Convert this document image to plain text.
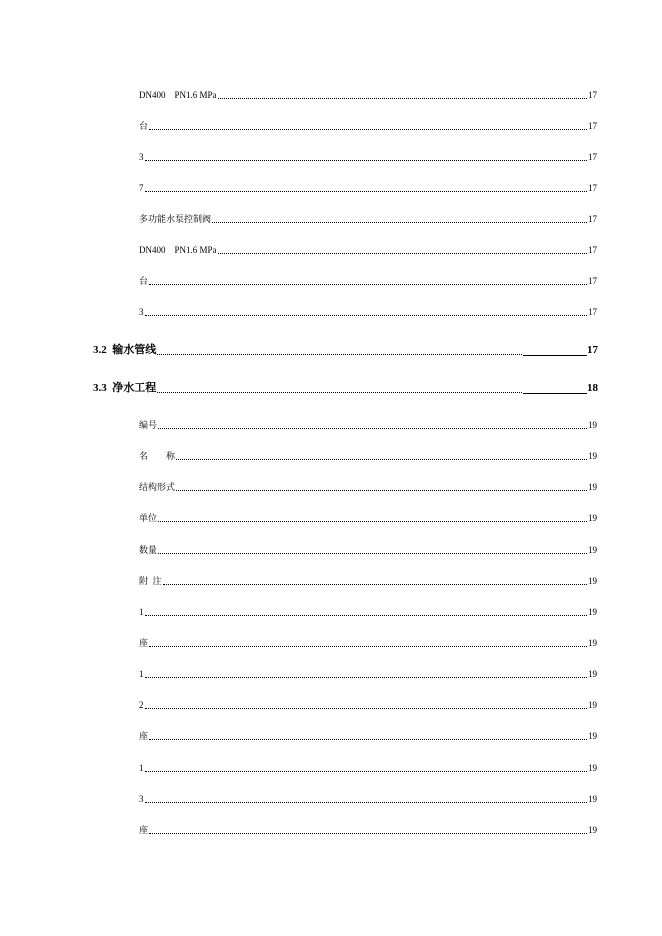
DN400    PN1.6 MPa	17
台	17
3	17
7	17
多功能水泵控制阀	17
DN400    PN1.6 MPa	17
台	17
3	17
3.2  输水管线	17
3.3  净水工程	18
编号	19
名        称	19
结构形式	19
单位	19
数量	19
附  注	19
1	19
座	19
1	19
2	19
座	19
1	19
3	19
座	19
